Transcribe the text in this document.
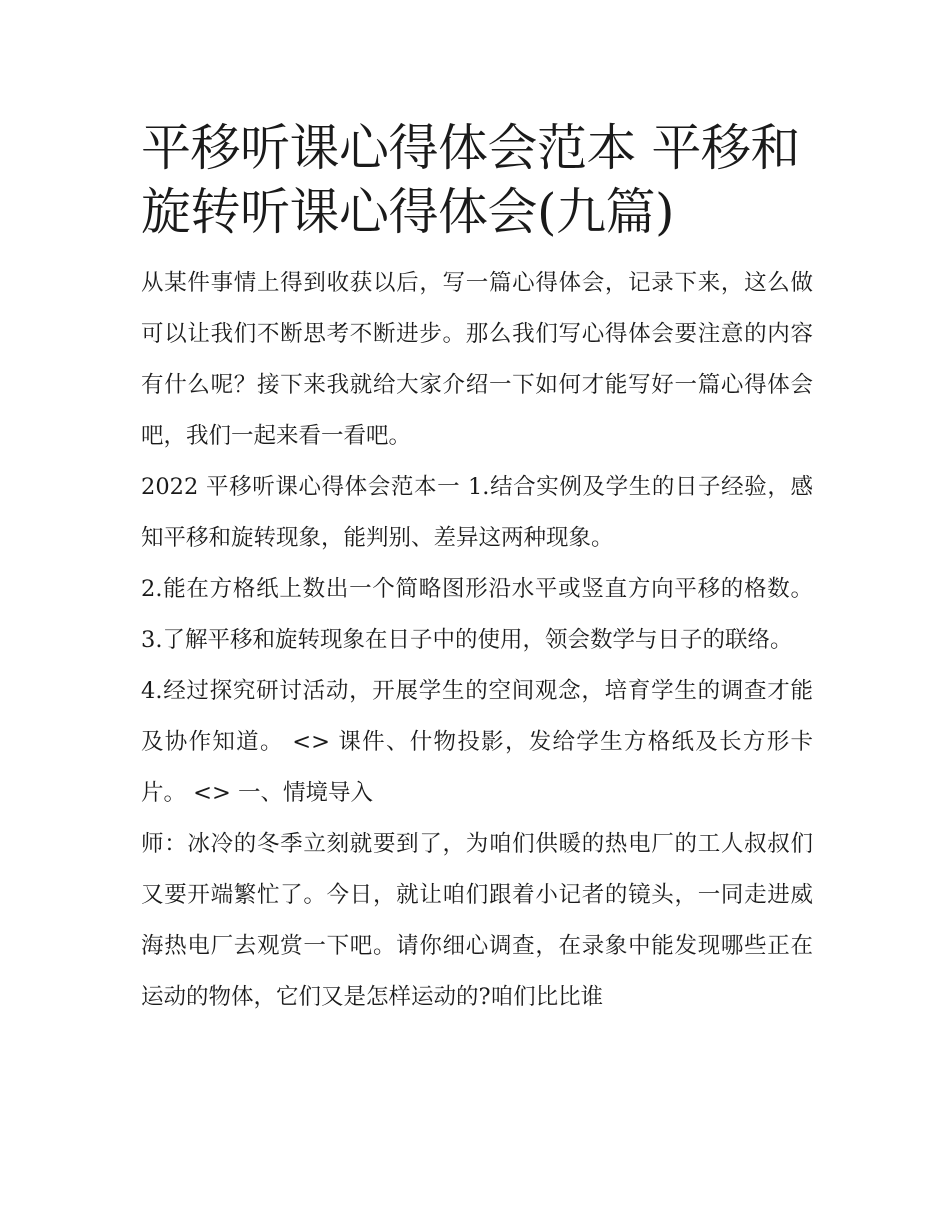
平移听课心得体会范本 平移和旋转听课心得体会(九篇)

从某件事情上得到收获以后，写一篇心得体会，记录下来，这么做可以让我们不断思考不断进步。那么我们写心得体会要注意的内容有什么呢？接下来我就给大家介绍一下如何才能写好一篇心得体会吧，我们一起来看一看吧。

2022 平移听课心得体会范本一 1.结合实例及学生的日子经验，感知平移和旋转现象，能判别、差异这两种现象。

2.能在方格纸上数出一个简略图形沿水平或竖直方向平移的格数。 3.了解平移和旋转现象在日子中的使用，领会数学与日子的联络。

4.经过探究研讨活动，开展学生的空间观念，培育学生的调查才能及协作知道。 <> 课件、什物投影，发给学生方格纸及长方形卡片。 <> 一、情境导入

师：冰冷的冬季立刻就要到了，为咱们供暖的热电厂的工人叔叔们又要开端繁忙了。今日，就让咱们跟着小记者的镜头，一同走进威海热电厂去观赏一下吧。请你细心调查，在录象中能发现哪些正在运动的物体，它们又是怎样运动的?咱们比比谁
